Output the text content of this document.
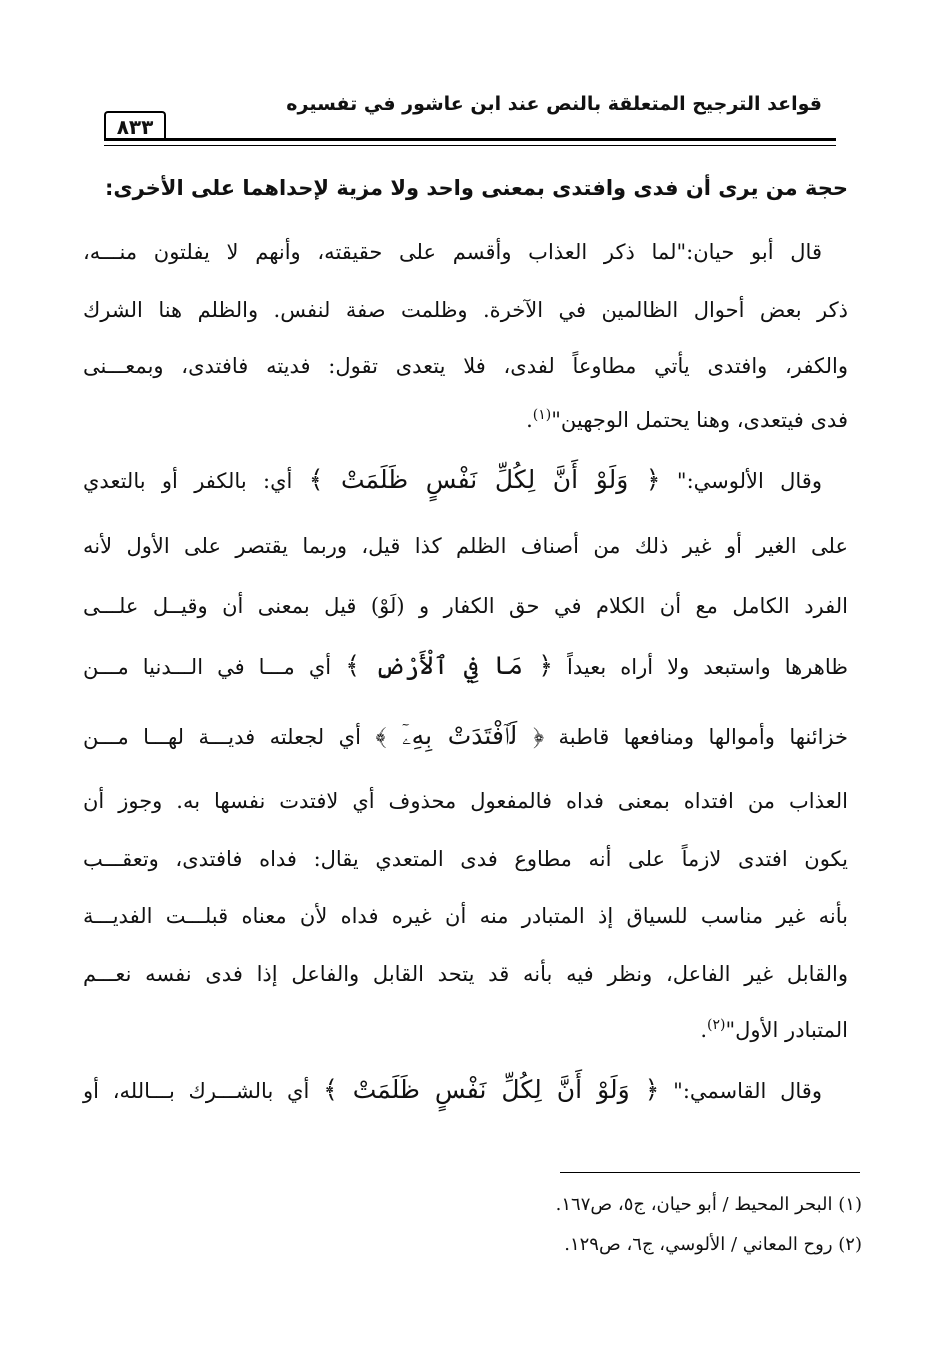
قواعد الترجيح المتعلقة بالنص عند ابن عاشور في تفسيره
٨٣٣
حجة من يرى أن فدى وافتدى بمعنى واحد ولا مزية لإحداهما على الأخرى:
قال أبو حيان:"لما ذكر العذاب وأقسم على حقيقته، وأنهم لا يفلتون منـــه،
ذكر بعض أحوال الظالمين في الآخرة. وظلمت صفة لنفس. والظلم هنا الشرك
والكفر، وافتدى يأتي مطاوعاً لفدى، فلا يتعدى تقول: فديته فافتدى، وبمعـــنى
فدى فيتعدى، وهنا يحتمل الوجهين"$^{(١)}$.
وقال الألوسي:" ﴿ وَلَوْ أَنَّ لِكُلِّ نَفْسٍ ظَلَمَتْ ﴾ أي: بالكفر أو بالتعدي
على الغير أو غير ذلك من أصناف الظلم كذا قيل، وربما يقتصر على الأول لأنه
الفرد الكامل مع أن الكلام في حق الكفار و (لَوْ) قيل بمعنى أن وقيــل علـــى
ظاهرها واستبعد ولا أراه بعيداً ﴿ مَا فِي ٱلْأَرْضِ ﴾ أي مـــا في الـــدنيا مـــن
خزائنها وأموالها ومنافعها قاطبة ﴿ لَٱفْتَدَتْ بِهِۦٓ ﴾ أي لجعلته فديـــة لهـــا مـــن
العذاب من افتداه بمعنى فداه فالمفعول محذوف أي لافتدت نفسها به. وجوز أن
يكون افتدى لازماً على أنه مطاوع فدى المتعدي يقال: فداه فافتدى، وتعقـــب
بأنه غير مناسب للسياق إذ المتبادر منه أن غيره فداه لأن معناه قبلـــت الفديـــة
والقابل غير الفاعل، ونظر فيه بأنه قد يتحد القابل والفاعل إذا فدى نفسه نعـــم
المتبادر الأول"$^{(٢)}$.
وقال القاسمي:" ﴿ وَلَوْ أَنَّ لِكُلِّ نَفْسٍ ظَلَمَتْ ﴾ أي بالشـــرك بـــالله، أو
(١) البحر المحيط / أبو حيان، ج٥، ص١٦٧.
(٢) روح المعاني / الألوسي، ج٦، ص١٢٩.
